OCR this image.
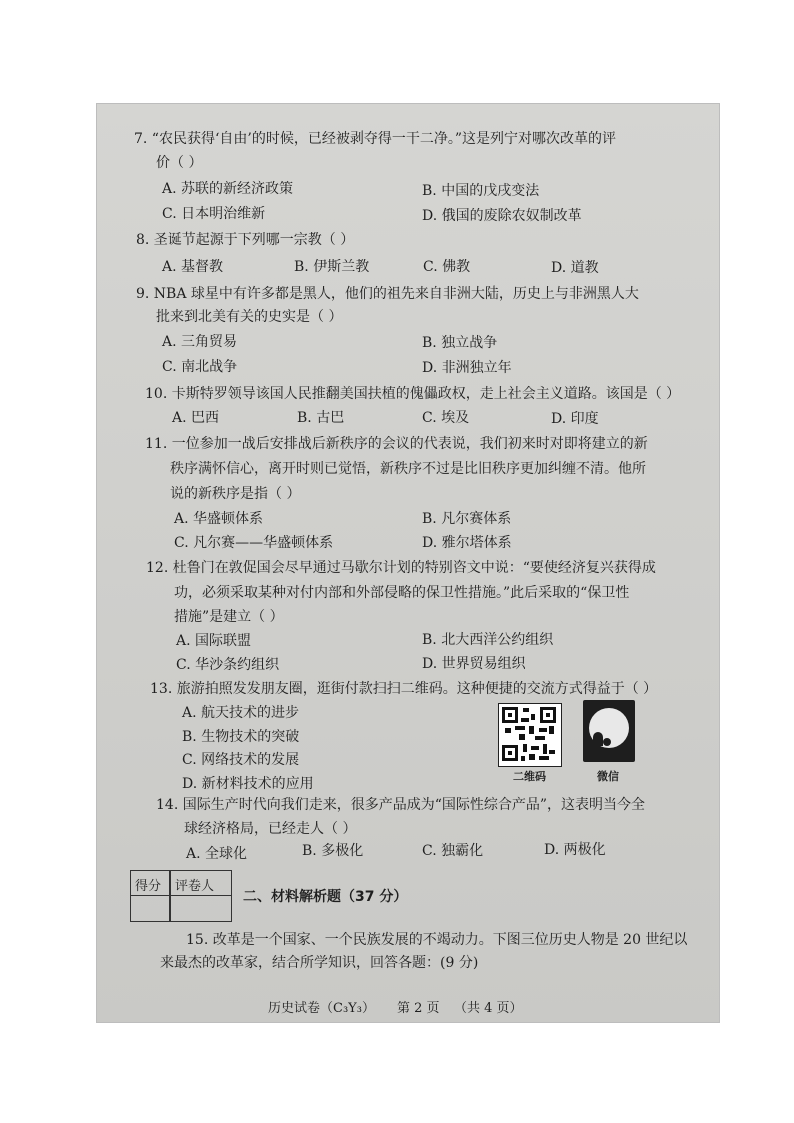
7. “农民获得‘自由’的时候，已经被剥夺得一干二净。”这是列宁对哪次改革的评
价（ ）
A. 苏联的新经济政策	B. 中国的戊戌变法
C. 日本明治维新	D. 俄国的废除农奴制改革
8. 圣诞节起源于下列哪一宗教（ ）
A. 基督教	B. 伊斯兰教	C. 佛教	D. 道教
9. NBA 球星中有许多都是黑人，他们的祖先来自非洲大陆，历史上与非洲黑人大
批来到北美有关的史实是（ ）
A. 三角贸易	B. 独立战争
C. 南北战争	D. 非洲独立年
10. 卡斯特罗领导该国人民推翻美国扶植的傀儡政权，走上社会主义道路。该国是（ ）
A. 巴西	B. 古巴	C. 埃及	D. 印度
11. 一位参加一战后安排战后新秩序的会议的代表说，我们初来时对即将建立的新
秩序满怀信心，离开时则已觉悟，新秩序不过是比旧秩序更加纠缠不清。他所
说的新秩序是指（ ）
A. 华盛顿体系	B. 凡尔赛体系
C. 凡尔赛——华盛顿体系	D. 雅尔塔体系
12. 杜鲁门在敦促国会尽早通过马歇尔计划的特别咨文中说：“要使经济复兴获得成
功，必须采取某种对付内部和外部侵略的保卫性措施。”此后采取的“保卫性
措施”是建立（ ）
A. 国际联盟	B. 北大西洋公约组织
C. 华沙条约组织	D. 世界贸易组织
13. 旅游拍照发发朋友圈，逛街付款扫扫二维码。这种便捷的交流方式得益于（ ）
A. 航天技术的进步
B. 生物技术的突破
C. 网络技术的发展
D. 新材料技术的应用	二维码	微信
14. 国际生产时代向我们走来，很多产品成为“国际性综合产品”，这表明当今全
球经济格局，已经走人（ ）
A. 全球化	B. 多极化	C. 独霸化	D. 两极化
得分 评卷人
二、材料解析题（37 分）
15. 改革是一个国家、一个民族发展的不竭动力。下图三位历史人物是 20 世纪以
来最杰的改革家，结合所学知识，回答各题：(9 分)
历史试卷（C₃Y₃） 第 2 页 （共 4 页）
